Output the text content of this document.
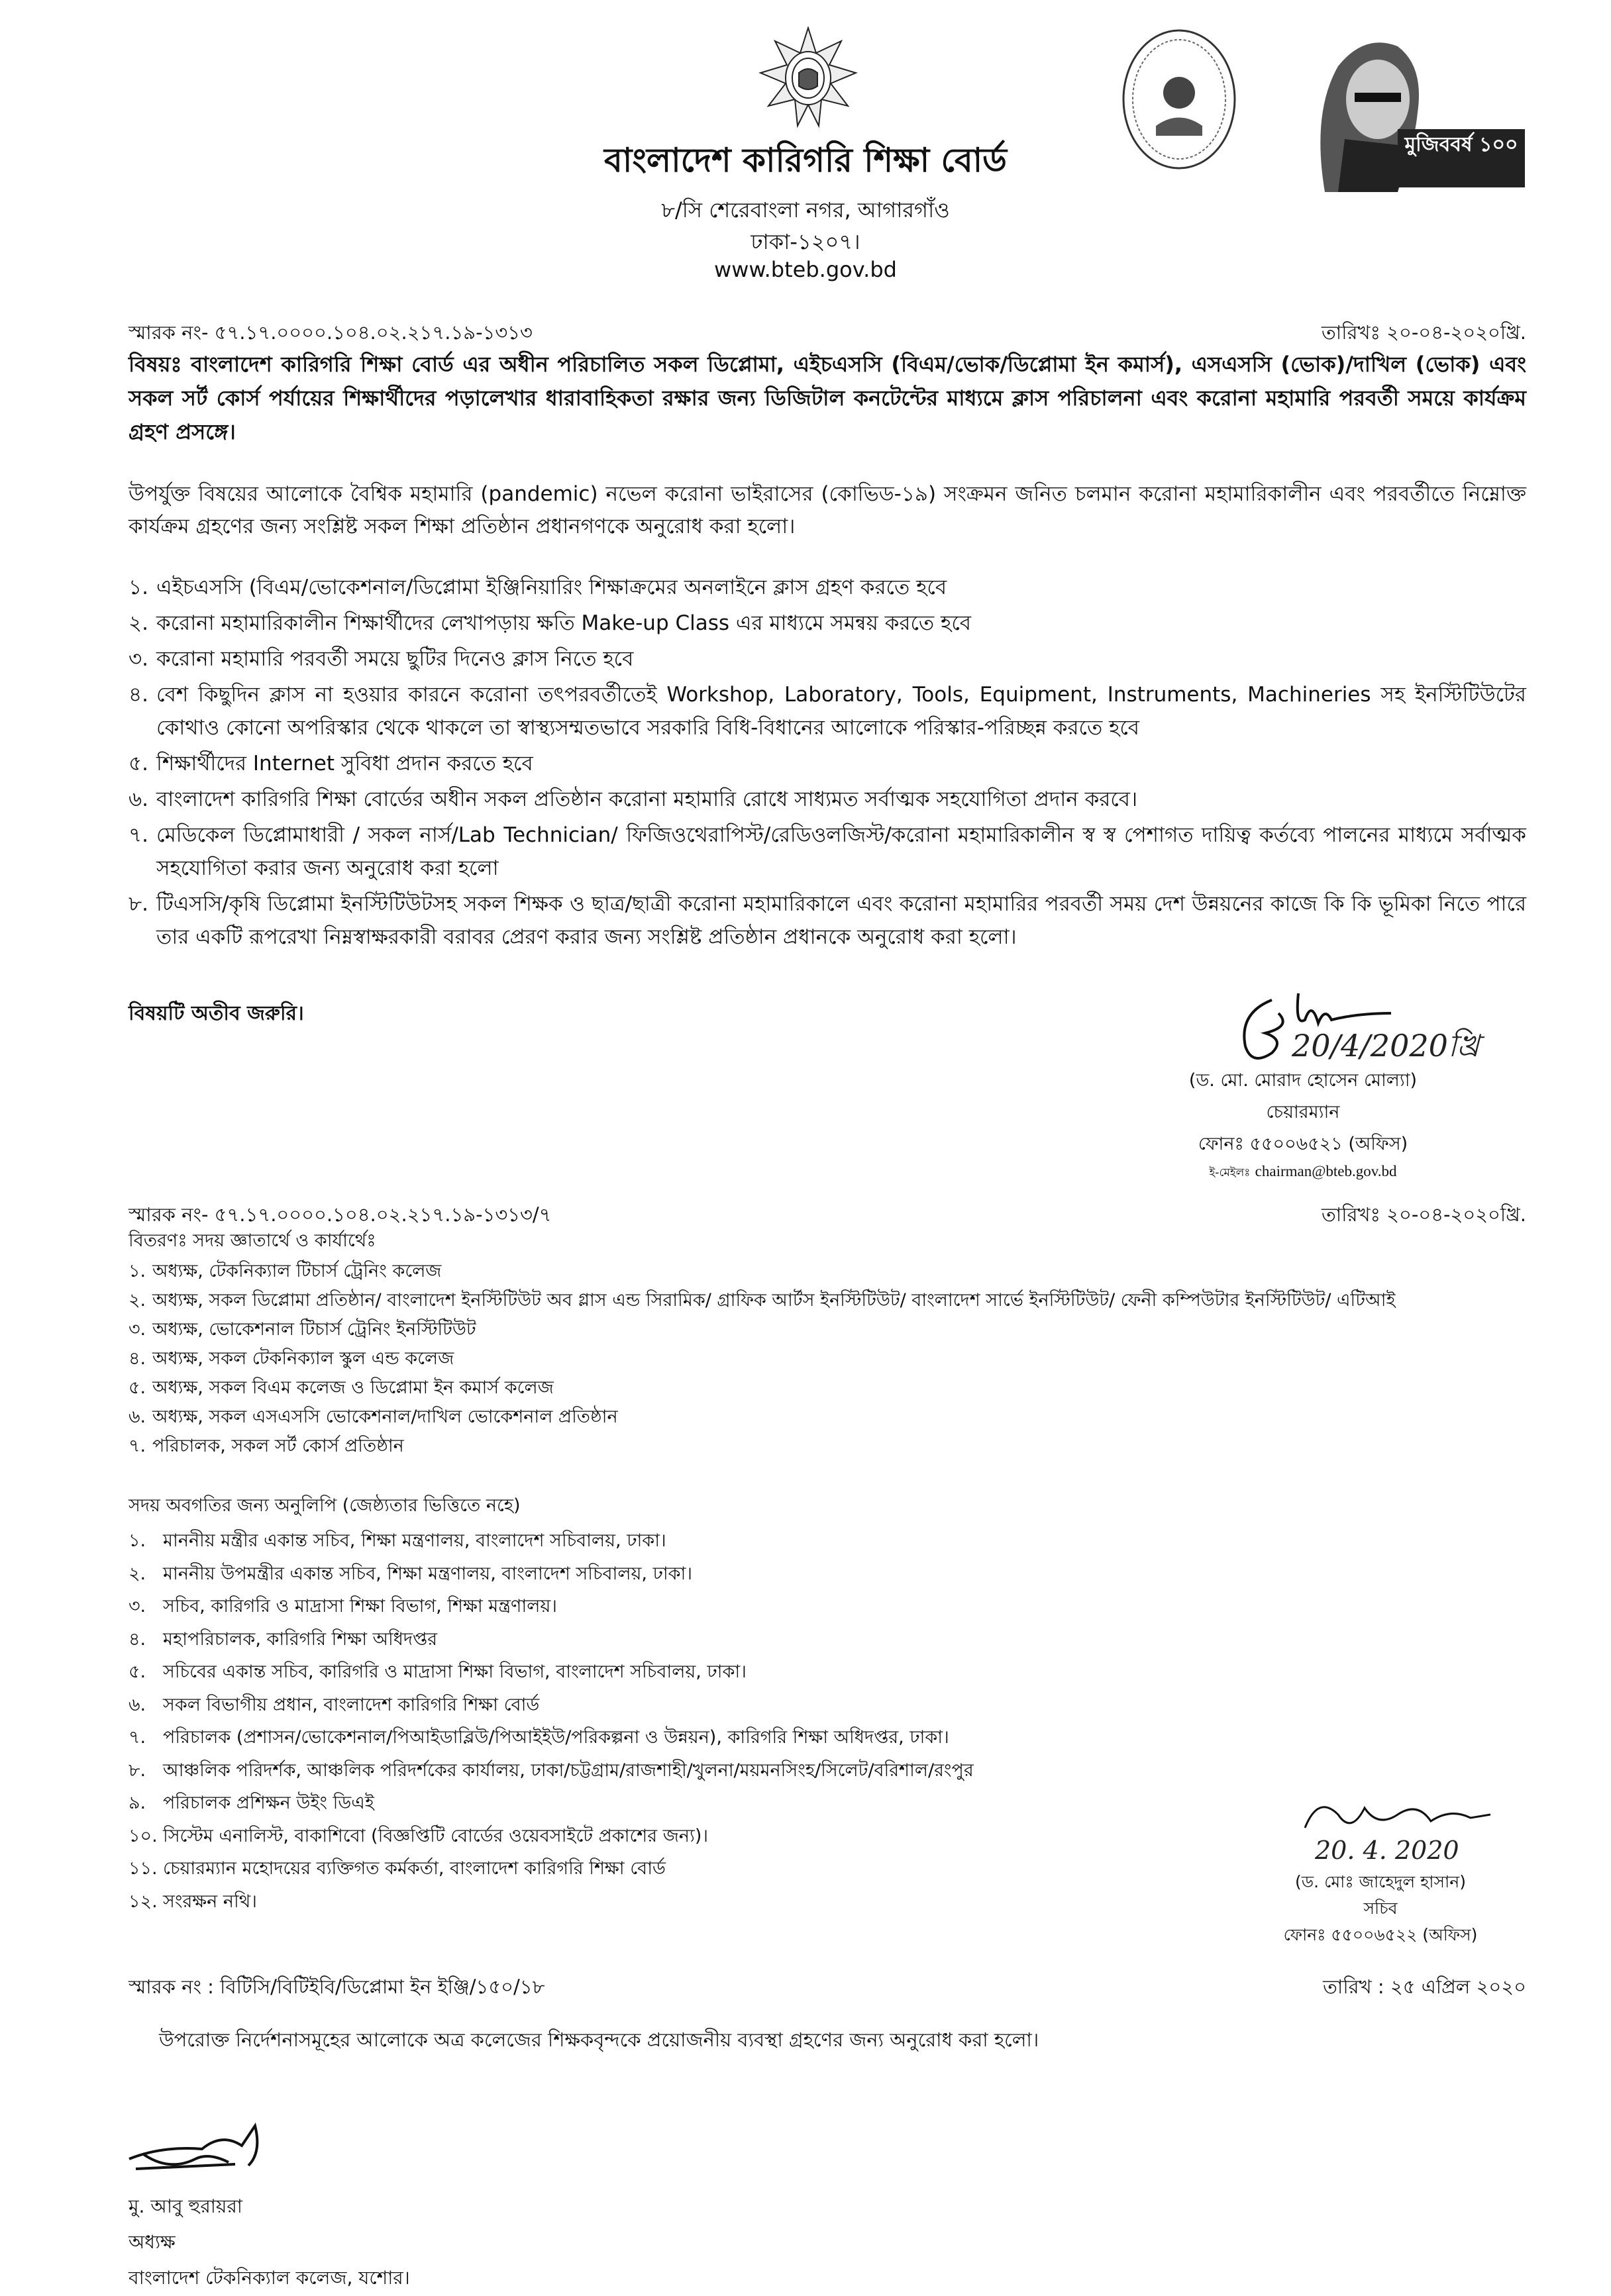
মুজিববর্ষ ১০০
বাংলাদেশ কারিগরি শিক্ষা বোর্ড
৮/সি শেরেবাংলা নগর, আগারগাঁও
ঢাকা-১২০৭।
www.bteb.gov.bd
স্মারক নং- ৫৭.১৭.০০০০.১০৪.০২.২১৭.১৯-১৩১৩	তারিখঃ ২০-০৪-২০২০খ্রি.
বিষয়ঃ বাংলাদেশ কারিগরি শিক্ষা বোর্ড এর অধীন পরিচালিত সকল ডিপ্লোমা, এইচএসসি (বিএম/ভোক/ডিপ্লোমা ইন কমার্স), এসএসসি (ভোক)/দাখিল (ভোক) এবং সকল সর্ট কোর্স পর্যায়ের শিক্ষার্থীদের পড়ালেখার ধারাবাহিকতা রক্ষার জন্য ডিজিটাল কনটেন্টের মাধ্যমে ক্লাস পরিচালনা এবং করোনা মহামারি পরবর্তী সময়ে কার্যক্রম গ্রহণ প্রসঙ্গে।
উপর্যুক্ত বিষয়ের আলোকে বৈশ্বিক মহামারি (pandemic) নভেল করোনা ভাইরাসের (কোভিড-১৯) সংক্রমন জনিত চলমান করোনা মহামারিকালীন এবং পরবর্তীতে নিম্নোক্ত কার্যক্রম গ্রহণের জন্য সংশ্লিষ্ট সকল শিক্ষা প্রতিষ্ঠান প্রধানগণকে অনুরোধ করা হলো।
১. এইচএসসি (বিএম/ভোকেশনাল/ডিপ্লোমা ইঞ্জিনিয়ারিং শিক্ষাক্রমের অনলাইনে ক্লাস গ্রহণ করতে হবে
২. করোনা মহামারিকালীন শিক্ষার্থীদের লেখাপড়ায় ক্ষতি Make-up Class এর মাধ্যমে সমন্বয় করতে হবে
৩. করোনা মহামারি পরবর্তী সময়ে ছুটির দিনেও ক্লাস নিতে হবে
৪. বেশ কিছুদিন ক্লাস না হওয়ার কারনে করোনা তৎপরবর্তীতেই Workshop, Laboratory, Tools, Equipment, Instruments, Machineries সহ ইনস্টিটিউটের কোথাও কোনো অপরিস্কার থেকে থাকলে তা স্বাস্থ্যসম্মতভাবে সরকারি বিধি-বিধানের আলোকে পরিস্কার-পরিচ্ছন্ন করতে হবে
৫. শিক্ষার্থীদের Internet সুবিধা প্রদান করতে হবে
৬. বাংলাদেশ কারিগরি শিক্ষা বোর্ডের অধীন সকল প্রতিষ্ঠান করোনা মহামারি রোধে সাধ্যমত সর্বাত্মক সহযোগিতা প্রদান করবে।
৭. মেডিকেল ডিপ্লোমাধারী / সকল নার্স/Lab Technician/ ফিজিওথেরাপিস্ট/রেডিওলজিস্ট/করোনা মহামারিকালীন স্ব স্ব পেশাগত দায়িত্ব কর্তব্যে পালনের মাধ্যমে সর্বাত্মক সহযোগিতা করার জন্য অনুরোধ করা হলো
৮. টিএসসি/কৃষি ডিপ্লোমা ইনস্টিটিউটসহ সকল শিক্ষক ও ছাত্র/ছাত্রী করোনা মহামারিকালে এবং করোনা মহামারির পরবর্তী সময় দেশ উন্নয়নের কাজে কি কি ভূমিকা নিতে পারে তার একটি রূপরেখা নিম্নস্বাক্ষরকারী বরাবর প্রেরণ করার জন্য সংশ্লিষ্ট প্রতিষ্ঠান প্রধানকে অনুরোধ করা হলো।
বিষয়টি অতীব জরুরি।
20/4/2020খ্রি
(ড. মো. মোরাদ হোসেন মোল্যা)
চেয়ারম্যান
ফোনঃ ৫৫০০৬৫২১ (অফিস)
ই-মেইলঃ chairman@bteb.gov.bd
স্মারক নং- ৫৭.১৭.০০০০.১০৪.০২.২১৭.১৯-১৩১৩/৭	তারিখঃ ২০-০৪-২০২০খ্রি.
বিতরণঃ সদয় জ্ঞাতার্থে ও কার্যার্থেঃ
১. অধ্যক্ষ, টেকনিক্যাল টিচার্স ট্রেনিং কলেজ
২. অধ্যক্ষ, সকল ডিপ্লোমা প্রতিষ্ঠান/ বাংলাদেশ ইনস্টিটিউট অব গ্লাস এন্ড সিরামিক/ গ্রাফিক আর্টস ইনস্টিটিউট/ বাংলাদেশ সার্ভে ইনস্টিটিউট/ ফেনী কম্পিউটার ইনস্টিটিউট/ এটিআই
৩. অধ্যক্ষ, ভোকেশনাল টিচার্স ট্রেনিং ইনস্টিটিউট
৪. অধ্যক্ষ, সকল টেকনিক্যাল স্কুল এন্ড কলেজ
৫. অধ্যক্ষ, সকল বিএম কলেজ ও ডিপ্লোমা ইন কমার্স কলেজ
৬. অধ্যক্ষ, সকল এসএসসি ভোকেশনাল/দাখিল ভোকেশনাল প্রতিষ্ঠান
৭. পরিচালক, সকল সর্ট কোর্স প্রতিষ্ঠান
সদয় অবগতির জন্য অনুলিপি (জেষ্ঠ্যতার ভিত্তিতে নহে)
১. মাননীয় মন্ত্রীর একান্ত সচিব, শিক্ষা মন্ত্রণালয়, বাংলাদেশ সচিবালয়, ঢাকা।
২. মাননীয় উপমন্ত্রীর একান্ত সচিব, শিক্ষা মন্ত্রণালয়, বাংলাদেশ সচিবালয়, ঢাকা।
৩. সচিব, কারিগরি ও মাদ্রাসা শিক্ষা বিভাগ, শিক্ষা মন্ত্রণালয়।
৪. মহাপরিচালক, কারিগরি শিক্ষা অধিদপ্তর
৫. সচিবের একান্ত সচিব, কারিগরি ও মাদ্রাসা শিক্ষা বিভাগ, বাংলাদেশ সচিবালয়, ঢাকা।
৬. সকল বিভাগীয় প্রধান, বাংলাদেশ কারিগরি শিক্ষা বোর্ড
৭. পরিচালক (প্রশাসন/ভোকেশনাল/পিআইডাব্লিউ/পিআইইউ/পরিকল্পনা ও উন্নয়ন), কারিগরি শিক্ষা অধিদপ্তর, ঢাকা।
৮. আঞ্চলিক পরিদর্শক, আঞ্চলিক পরিদর্শকের কার্যালয়, ঢাকা/চট্টগ্রাম/রাজশাহী/খুলনা/ময়মনসিংহ/সিলেট/বরিশাল/রংপুর
৯. পরিচালক প্রশিক্ষন উইং ডিএই
১০. সিস্টেম এনালিস্ট, বাকাশিবো (বিজ্ঞপ্তিটি বোর্ডের ওয়েবসাইটে প্রকাশের জন্য)।
১১. চেয়ারম্যান মহোদয়ের ব্যক্তিগত কর্মকর্তা, বাংলাদেশ কারিগরি শিক্ষা বোর্ড
১২. সংরক্ষন নথি।
20. 4. 2020
(ড. মোঃ জাহেদুল হাসান)
সচিব
ফোনঃ ৫৫০০৬৫২২ (অফিস)
স্মারক নং : বিটিসি/বিটিইবি/ডিপ্লোমা ইন ইঞ্জি/১৫০/১৮	তারিখ : ২৫ এপ্রিল ২০২০
উপরোক্ত নির্দেশনাসমূহের আলোকে অত্র কলেজের শিক্ষকবৃন্দকে প্রয়োজনীয় ব্যবস্থা গ্রহণের জন্য অনুরোধ করা হলো।
মু. আবু হুরায়রা
অধ্যক্ষ
বাংলাদেশ টেকনিক্যাল কলেজ, যশোর।
